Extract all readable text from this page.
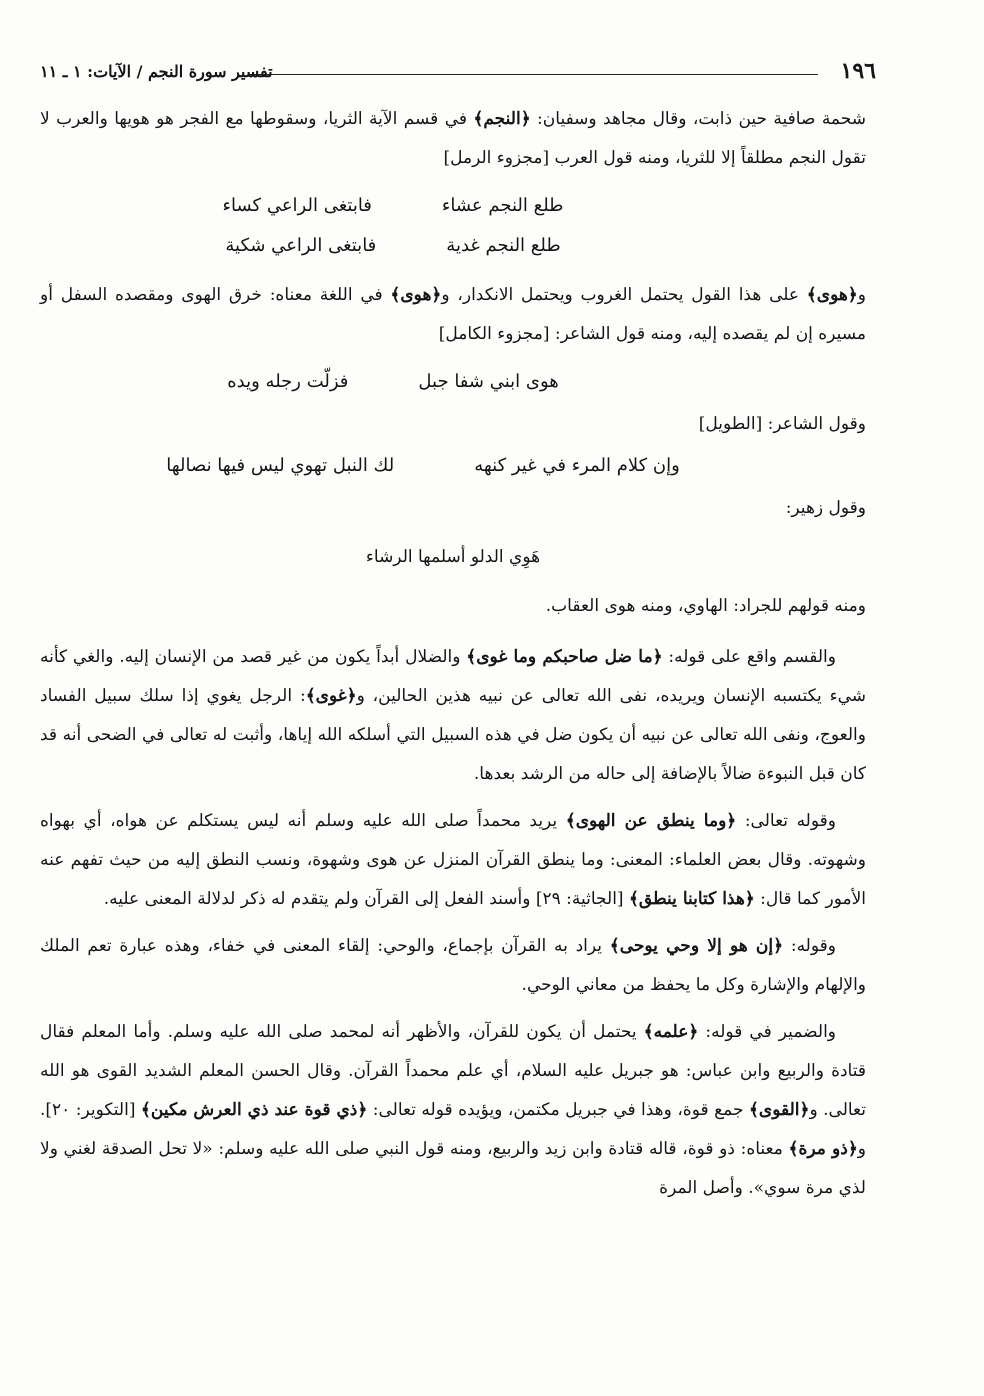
١٩٦
تفسير سورة النجم / الآيات: ١ ـ ١١

شحمة صافية حين ذابت، وقال مجاهد وسفيان: ﴿النجم﴾ في قسم الآية الثريا، وسقوطها مع الفجر هو هويها والعرب لا تقول النجم مطلقاً إلا للثريا، ومنه قول العرب [مجزوء الرمل]

طلع النجم عشاء
فابتغى الراعي كساء
طلع النجم غدية
فابتغى الراعي شكية

و﴿هوى﴾ على هذا القول يحتمل الغروب ويحتمل الانكدار، و﴿هوى﴾ في اللغة معناه: خرق الهوى ومقصده السفل أو مسيره إن لم يقصده إليه، ومنه قول الشاعر: [مجزوء الكامل]

هوى ابني شفا جبل
فزلّت رجله ويده
وقول الشاعر: [الطويل]
وإن كلام المرء في غير كنهه
لك النبل تهوي ليس فيها نصالها
وقول زهير:
هَوِي الدلو أسلمها الرشاء
ومنه قولهم للجراد: الهاوي، ومنه هوى العقاب.

والقسم واقع على قوله: ﴿ما ضل صاحبكم وما غوى﴾ والضلال أبداً يكون من غير قصد من الإنسان إليه. والغي كأنه شيء يكتسبه الإنسان ويريده، نفى الله تعالى عن نبيه هذين الحالين، و﴿غوى﴾: الرجل يغوي إذا سلك سبيل الفساد والعوج، ونفى الله تعالى عن نبيه أن يكون ضل في هذه السبيل التي أسلكه الله إياها، وأثبت له تعالى في الضحى أنه قد كان قبل النبوءة ضالاً بالإضافة إلى حاله من الرشد بعدها.

وقوله تعالى: ﴿وما ينطق عن الهوى﴾ يريد محمداً صلى الله عليه وسلم أنه ليس يستكلم عن هواه، أي بهواه وشهوته. وقال بعض العلماء: المعنى: وما ينطق القرآن المنزل عن هوى وشهوة، ونسب النطق إليه من حيث تفهم عنه الأمور كما قال: ﴿هذا كتابنا ينطق﴾ [الجاثية: ٢٩] وأسند الفعل إلى القرآن ولم يتقدم له ذكر لدلالة المعنى عليه.

وقوله: ﴿إن هو إلا وحي يوحى﴾ يراد به القرآن بإجماع، والوحي: إلقاء المعنى في خفاء، وهذه عبارة تعم الملك والإلهام والإشارة وكل ما يحفظ من معاني الوحي.

والضمير في قوله: ﴿علمه﴾ يحتمل أن يكون للقرآن، والأظهر أنه لمحمد صلى الله عليه وسلم. وأما المعلم فقال قتادة والربيع وابن عباس: هو جبريل عليه السلام، أي علم محمداً القرآن. وقال الحسن المعلم الشديد القوى هو الله تعالى. و﴿القوى﴾ جمع قوة، وهذا في جبريل مكتمن، ويؤيده قوله تعالى: ﴿ذي قوة عند ذي العرش مكين﴾ [التكوير: ٢٠]. و﴿ذو مرة﴾ معناه: ذو قوة، قاله قتادة وابن زيد والربيع، ومنه قول النبي صلى الله عليه وسلم: «لا تحل الصدقة لغني ولا لذي مرة سوي». وأصل المرة
